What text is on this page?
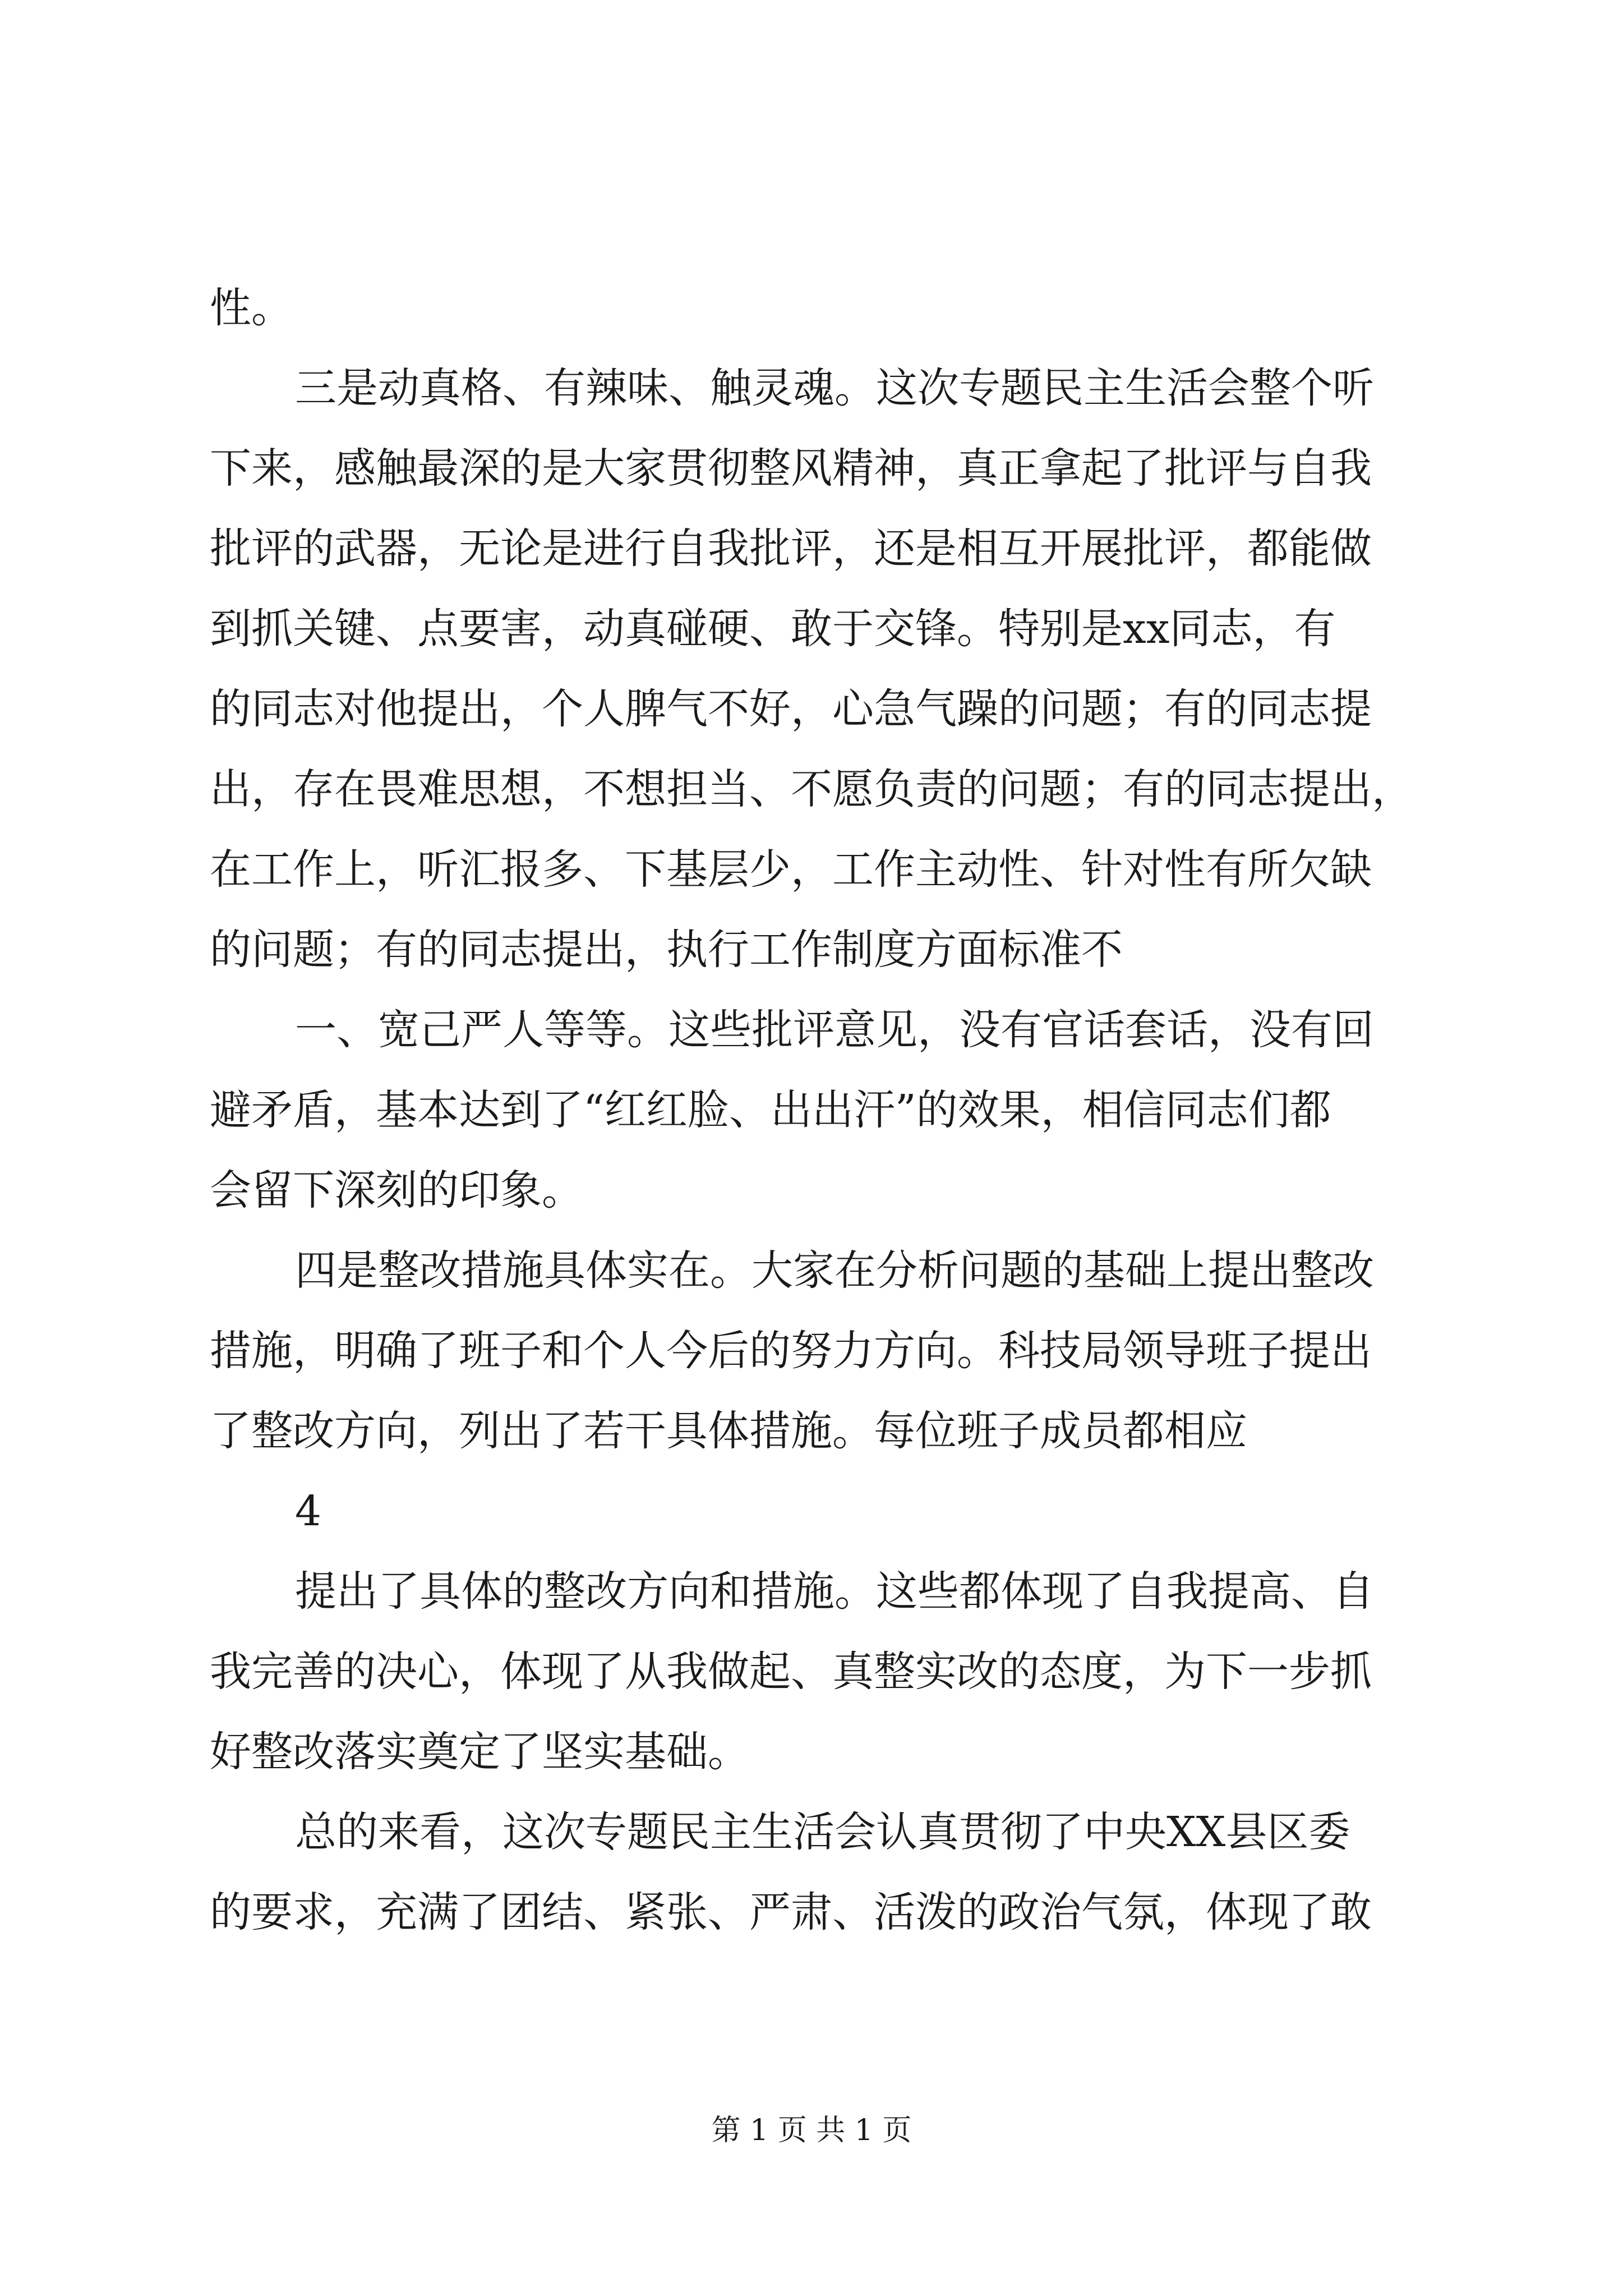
性。

三是动真格、有辣味、触灵魂。这次专题民主生活会整个听

下来，感触最深的是大家贯彻整风精神，真正拿起了批评与自我

批评的武器，无论是进行自我批评，还是相互开展批评，都能做

到抓关键、点要害，动真碰硬、敢于交锋。特别是xx同志，有

的同志对他提出，个人脾气不好，心急气躁的问题；有的同志提

出，存在畏难思想，不想担当、不愿负责的问题；有的同志提出，

在工作上，听汇报多、下基层少，工作主动性、针对性有所欠缺

的问题；有的同志提出，执行工作制度方面标准不

一、宽己严人等等。这些批评意见，没有官话套话，没有回

避矛盾，基本达到了“红红脸、出出汗”的效果，相信同志们都

会留下深刻的印象。

四是整改措施具体实在。大家在分析问题的基础上提出整改

措施，明确了班子和个人今后的努力方向。科技局领导班子提出

了整改方向，列出了若干具体措施。每位班子成员都相应

4

提出了具体的整改方向和措施。这些都体现了自我提高、自

我完善的决心，体现了从我做起、真整实改的态度，为下一步抓

好整改落实奠定了坚实基础。

总的来看，这次专题民主生活会认真贯彻了中央XX县区委

的要求，充满了团结、紧张、严肃、活泼的政治气氛，体现了敢

第 1 页 共 1 页
